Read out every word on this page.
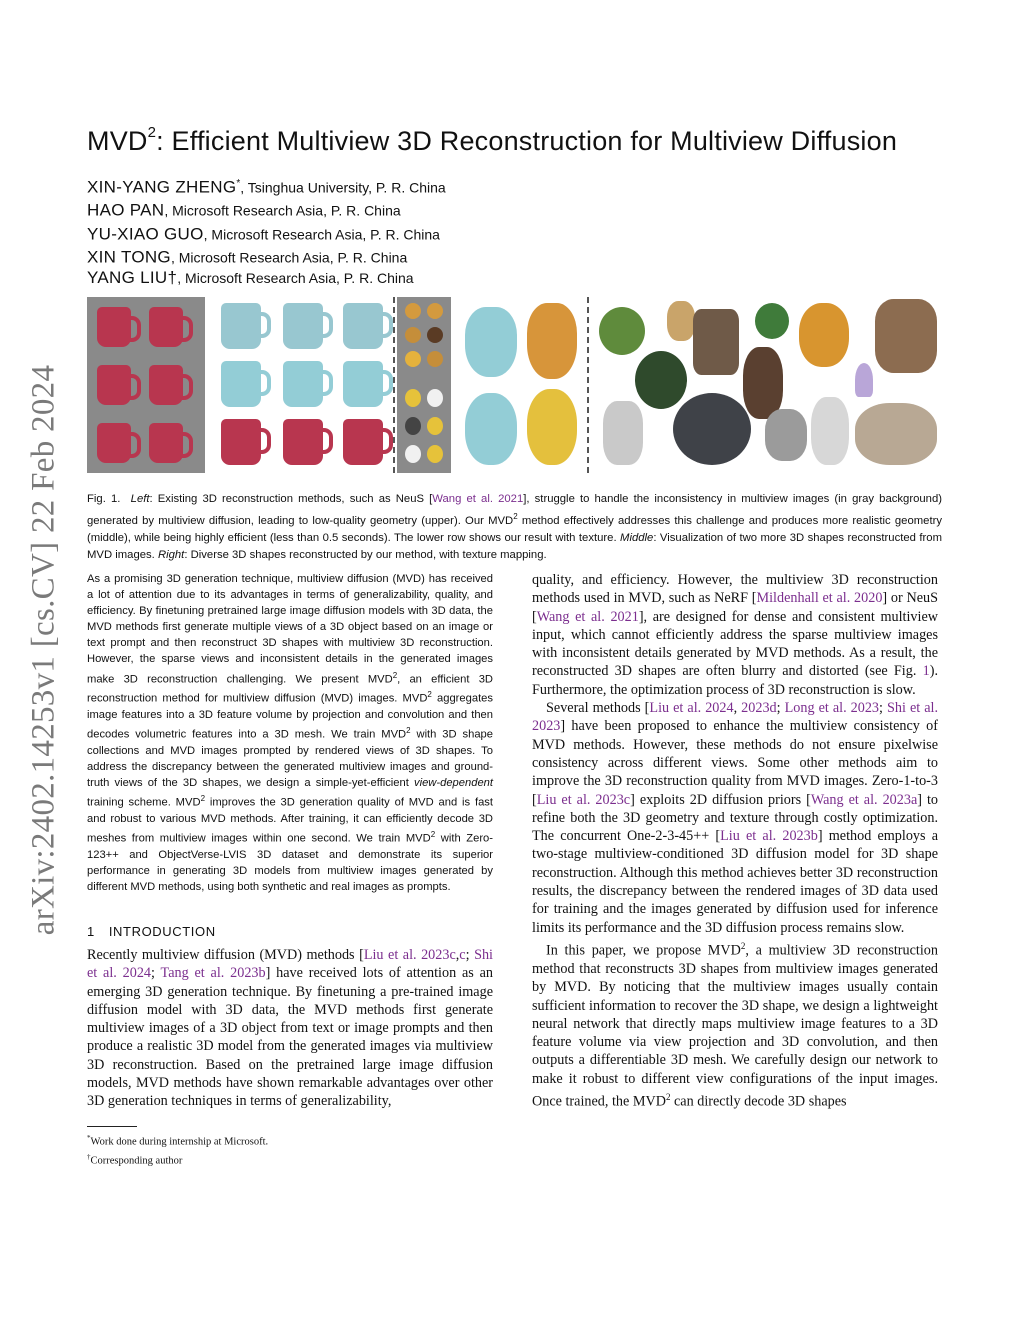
arXiv:2402.14253v1 [cs.CV] 22 Feb 2024
MVD$^2$: Efficient Multiview 3D Reconstruction for Multiview Diffusion
XIN-YANG ZHENG*, Tsinghua University, P. R. China
HAO PAN, Microsoft Research Asia, P. R. China
YU-XIAO GUO, Microsoft Research Asia, P. R. China
XIN TONG, Microsoft Research Asia, P. R. China
YANG LIU†, Microsoft Research Asia, P. R. China
Fig. 1. Left: Existing 3D reconstruction methods, such as NeuS [Wang et al. 2021], struggle to handle the inconsistency in multiview images (in gray background) generated by multiview diffusion, leading to low-quality geometry (upper). Our MVD$^2$ method effectively addresses this challenge and produces more realistic geometry (middle), while being highly efficient (less than 0.5 seconds). The lower row shows our result with texture. Middle: Visualization of two more 3D shapes reconstructed from MVD images. Right: Diverse 3D shapes reconstructed by our method, with texture mapping.
As a promising 3D generation technique, multiview diffusion (MVD) has received a lot of attention due to its advantages in terms of generalizability, quality, and efficiency. By finetuning pretrained large image diffusion models with 3D data, the MVD methods first generate multiple views of a 3D object based on an image or text prompt and then reconstruct 3D shapes with multiview 3D reconstruction. However, the sparse views and inconsistent details in the generated images make 3D reconstruction challenging. We present MVD$^2$, an efficient 3D reconstruction method for multiview diffusion (MVD) images. MVD$^2$ aggregates image features into a 3D feature volume by projection and convolution and then decodes volumetric features into a 3D mesh. We train MVD$^2$ with 3D shape collections and MVD images prompted by rendered views of 3D shapes. To address the discrepancy between the generated multiview images and ground-truth views of the 3D shapes, we design a simple-yet-efficient view-dependent training scheme. MVD$^2$ improves the 3D generation quality of MVD and is fast and robust to various MVD methods. After training, it can efficiently decode 3D meshes from multiview images within one second. We train MVD$^2$ with Zero-123++ and ObjectVerse-LVIS 3D dataset and demonstrate its superior performance in generating 3D models from multiview images generated by different MVD methods, using both synthetic and real images as prompts.
1 INTRODUCTION

Recently multiview diffusion (MVD) methods [Liu et al. 2023c,c; Shi et al. 2024; Tang et al. 2023b] have received lots of attention as an emerging 3D generation technique. By finetuning a pre-trained image diffusion model with 3D data, the MVD methods first generate multiview images of a 3D object from text or image prompts and then produce a realistic 3D model from the generated images via multiview 3D reconstruction. Based on the pretrained large image diffusion models, MVD methods have shown remarkable advantages over other 3D generation techniques in terms of generalizability,

quality, and efficiency. However, the multiview 3D reconstruction methods used in MVD, such as NeRF [Mildenhall et al. 2020] or NeuS [Wang et al. 2021], are designed for dense and consistent multiview input, which cannot efficiently address the sparse multiview images with inconsistent details generated by MVD methods. As a result, the reconstructed 3D shapes are often blurry and distorted (see Fig. 1). Furthermore, the optimization process of 3D reconstruction is slow.

Several methods [Liu et al. 2024, 2023d; Long et al. 2023; Shi et al. 2023] have been proposed to enhance the multiview consistency of MVD methods. However, these methods do not ensure pixelwise consistency across different views. Some other methods aim to improve the 3D reconstruction quality from MVD images. Zero-1-to-3 [Liu et al. 2023c] exploits 2D diffusion priors [Wang et al. 2023a] to refine both the 3D geometry and texture through costly optimization. The concurrent One-2-3-45++ [Liu et al. 2023b] method employs a two-stage multiview-conditioned 3D diffusion model for 3D shape reconstruction. Although this method achieves better 3D reconstruction results, the discrepancy between the rendered images of 3D data used for training and the images generated by diffusion used for inference limits its performance and the 3D diffusion process remains slow.

In this paper, we propose MVD$^2$, a multiview 3D reconstruction method that reconstructs 3D shapes from multiview images generated by MVD. By noticing that the multiview images usually contain sufficient information to recover the 3D shape, we design a lightweight neural network that directly maps multiview image features to a 3D feature volume via view projection and 3D convolution, and then outputs a differentiable 3D mesh. We carefully design our network to make it robust to different view configurations of the input images. Once trained, the MVD$^2$ can directly decode 3D shapes

*Work done during internship at Microsoft.
†Corresponding author
